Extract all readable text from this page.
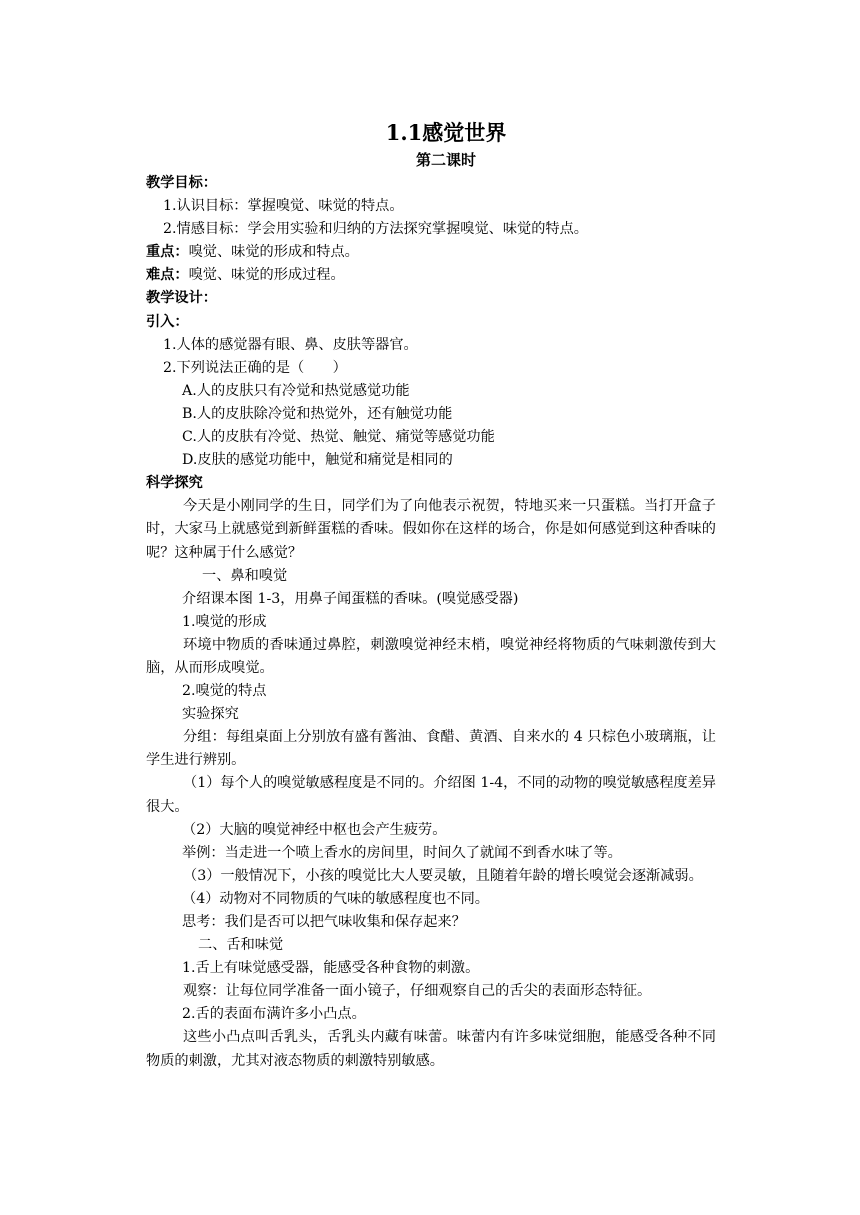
1.1感觉世界
第二课时
教学目标：
1.认识目标：掌握嗅觉、味觉的特点。
2.情感目标：学会用实验和归纳的方法探究掌握嗅觉、味觉的特点。
重点：嗅觉、味觉的形成和特点。
难点：嗅觉、味觉的形成过程。
教学设计：
引入：
1.人体的感觉器有眼、鼻、皮肤等器官。
2.下列说法正确的是（　　）
A.人的皮肤只有冷觉和热觉感觉功能
B.人的皮肤除冷觉和热觉外，还有触觉功能
C.人的皮肤有冷觉、热觉、触觉、痛觉等感觉功能
D.皮肤的感觉功能中，触觉和痛觉是相同的
科学探究
今天是小刚同学的生日，同学们为了向他表示祝贺，特地买来一只蛋糕。当打开盒子时，大家马上就感觉到新鲜蛋糕的香味。假如你在这样的场合，你是如何感觉到这种香味的呢？这种属于什么感觉？
一、鼻和嗅觉
介绍课本图 1-3，用鼻子闻蛋糕的香味。(嗅觉感受器)
1.嗅觉的形成
环境中物质的香味通过鼻腔，刺激嗅觉神经末梢，嗅觉神经将物质的气味刺激传到大脑，从而形成嗅觉。
2.嗅觉的特点
实验探究
分组：每组桌面上分别放有盛有酱油、食醋、黄酒、自来水的 4 只棕色小玻璃瓶，让学生进行辨别。
（1）每个人的嗅觉敏感程度是不同的。介绍图 1-4，不同的动物的嗅觉敏感程度差异很大。
（2）大脑的嗅觉神经中枢也会产生疲劳。
举例：当走进一个喷上香水的房间里，时间久了就闻不到香水味了等。
（3）一般情况下，小孩的嗅觉比大人要灵敏，且随着年龄的增长嗅觉会逐渐减弱。
（4）动物对不同物质的气味的敏感程度也不同。
思考：我们是否可以把气味收集和保存起来？
二、舌和味觉
1.舌上有味觉感受器，能感受各种食物的刺激。
观察：让每位同学准备一面小镜子，仔细观察自己的舌尖的表面形态特征。
2.舌的表面布满许多小凸点。
这些小凸点叫舌乳头，舌乳头内藏有味蕾。味蕾内有许多味觉细胞，能感受各种不同物质的刺激，尤其对液态物质的刺激特别敏感。
